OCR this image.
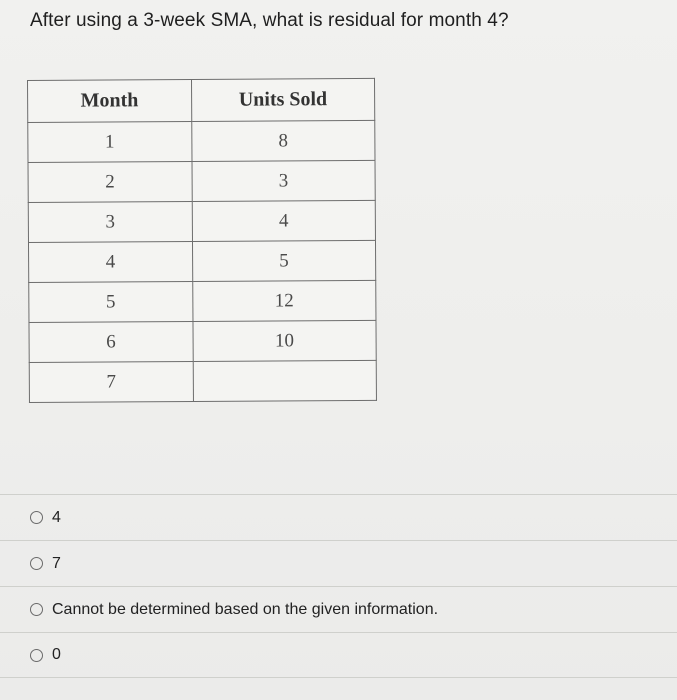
After using a 3-week SMA, what is residual for month 4?
Month	Units Sold
1	8
2	3
3	4
4	5
5	12
6	10
7	
4
7
Cannot be determined based on the given information.
0
